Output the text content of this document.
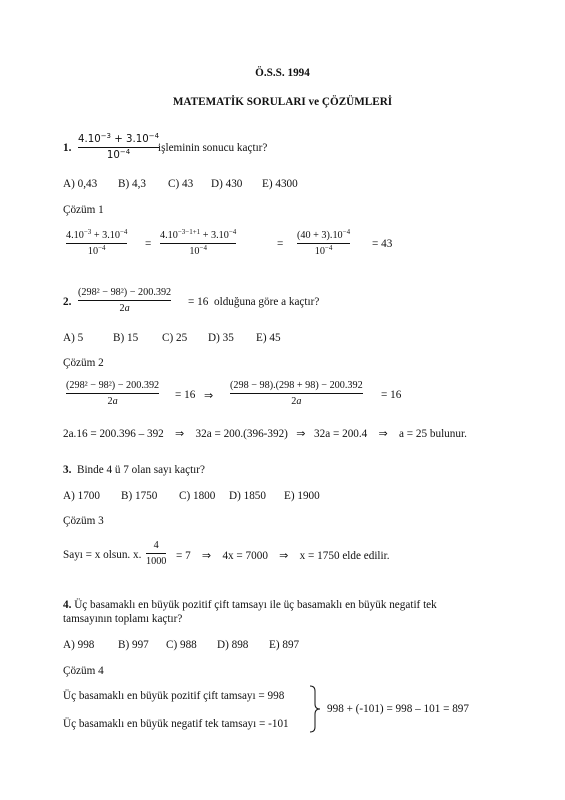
Ö.S.S. 1994
MATEMATİK SORULARI ve ÇÖZÜMLERİ
1.
$4.10^{-3} + 3.10^{-4}$
$10^{-4}$	işleminin sonucu kaçtır?
A) 0,43 B) 4,3 C) 43 D) 430 E) 4300
Çözüm 1
$4.10^{-3} + 3.10^{-4}$
$10^{-4}$	=
$4.10^{-3-1+1} + 3.10^{-4}$
$10^{-4}$	=
$(40 + 3).10^{-4}$
$10^{-4}$	= 43
2.
(298² − 98²) − 200.392
2a
= 16 olduğuna göre a kaçtır?
A) 5	B) 15 C) 25 D) 35 E) 45
Çözüm 2
(298² − 98²) − 200.392
2a
= 16 ⇒
(298 − 98).(298 + 98) − 200.392
2a
= 16
2a.16 = 200.396 – 392    ⇒    32a = 200.(396-392)   ⇒   32a = 200.4    ⇒    a = 25 bulunur.
3. Binde 4 ü 7 olan sayı kaçtır?
A) 1700 B) 1750 C) 1800 D) 1850 E) 1900
Çözüm 3
Sayı = x olsun. x.
4
1000 = 7    ⇒    4x = 7000    ⇒    x = 1750 elde edilir.
4. Üç basamaklı en büyük pozitif çift tamsayı ile üç basamaklı en büyük negatif tek
tamsayının toplamı kaçtır?
A) 998 B) 997 C) 988 D) 898 E) 897
Çözüm 4
Üç basamaklı en büyük pozitif çift tamsayı = 998
Üç basamaklı en büyük negatif tek tamsayı = -101
998 + (-101) = 998 – 101 = 897
